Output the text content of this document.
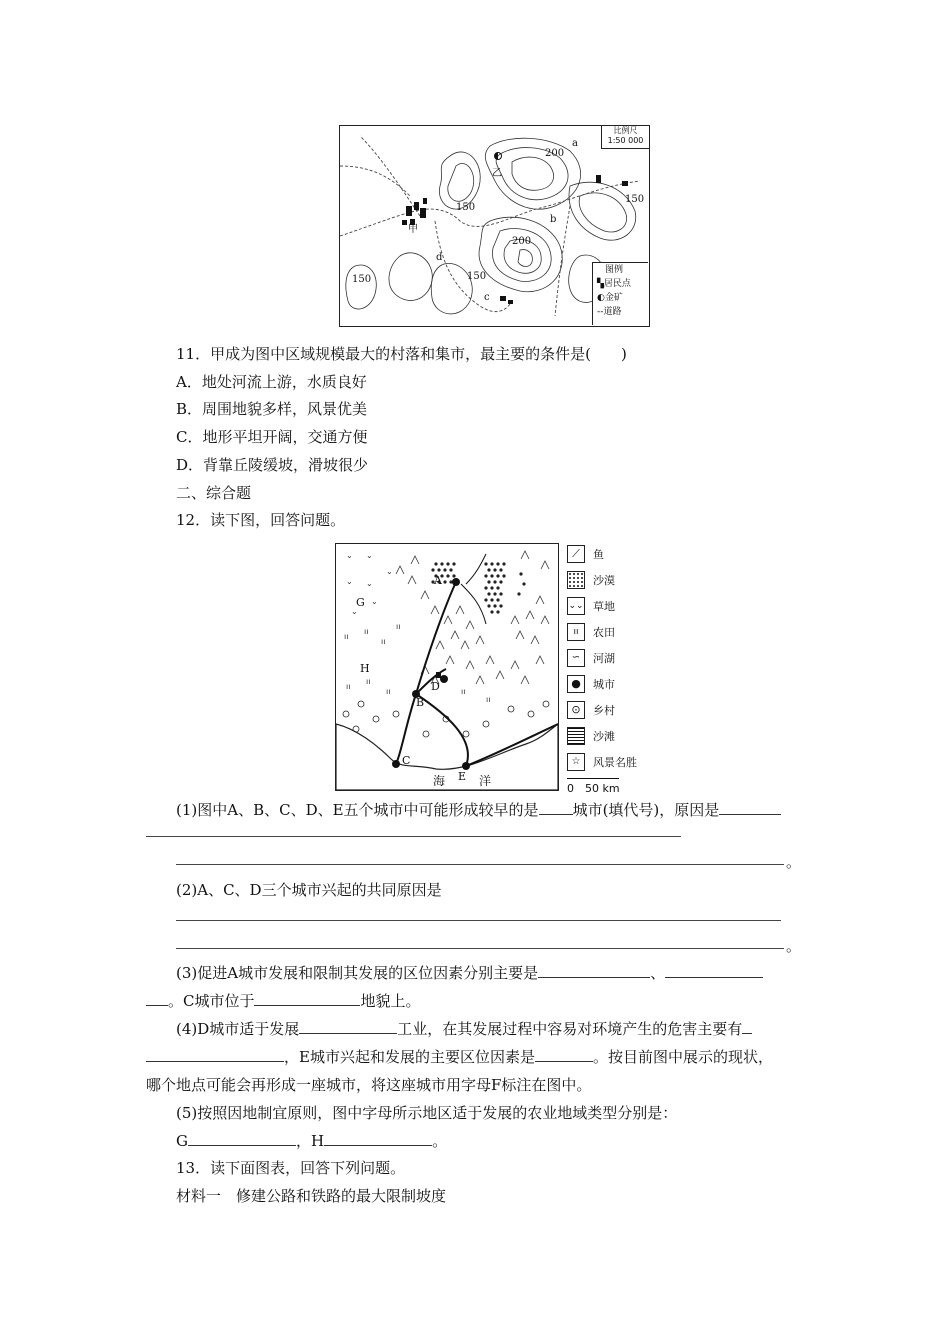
比例尺
1:50 000
图例
▚居民点
◐金矿
--道路
200
150
150
200
150
150
甲
乙
a
b
c
d
11．甲成为图中区域规模最大的村落和集市，最主要的条件是(　　)
A．地处河流上游，水质良好
B．周围地貌多样，风景优美
C．地形平坦开阔，交通方便
D．背靠丘陵缓坡，滑坡很少
二、综合题
12．读下图，回答问题。
⌄ ⌄
⌄
⌄ ⌄
⌄
⌄
ıı
ıı
ıı
ıı
ıı
ıı
ıı
ıı
ıı
A
B
C
D
E
G
H
海	洋
⟋	鱼
沙漠
⌄⌄ 草地
ıı	农田
∽	河湖
●	城市
⊙	乡村
沙滩
☆	风景名胜
0　50 km
(1)图中A、B、C、D、E五个城市中可能形成较早的是 城市(填代号)，原因是
。
(2)A、C、D三个城市兴起的共同原因是
。
(3)促进A城市发展和限制其发展的区位因素分别主要是	、
。C城市位于	地貌上。
(4)D城市适于发展	工业，在其发展过程中容易对环境产生的危害主要有
，E城市兴起和发展的主要区位因素是	。按目前图中展示的现状，
哪个地点可能会再形成一座城市，将这座城市用字母F标注在图中。
(5)按照因地制宜原则，图中字母所示地区适于发展的农业地域类型分别是：
G	，H	。
13．读下面图表，回答下列问题。
材料一　修建公路和铁路的最大限制坡度
